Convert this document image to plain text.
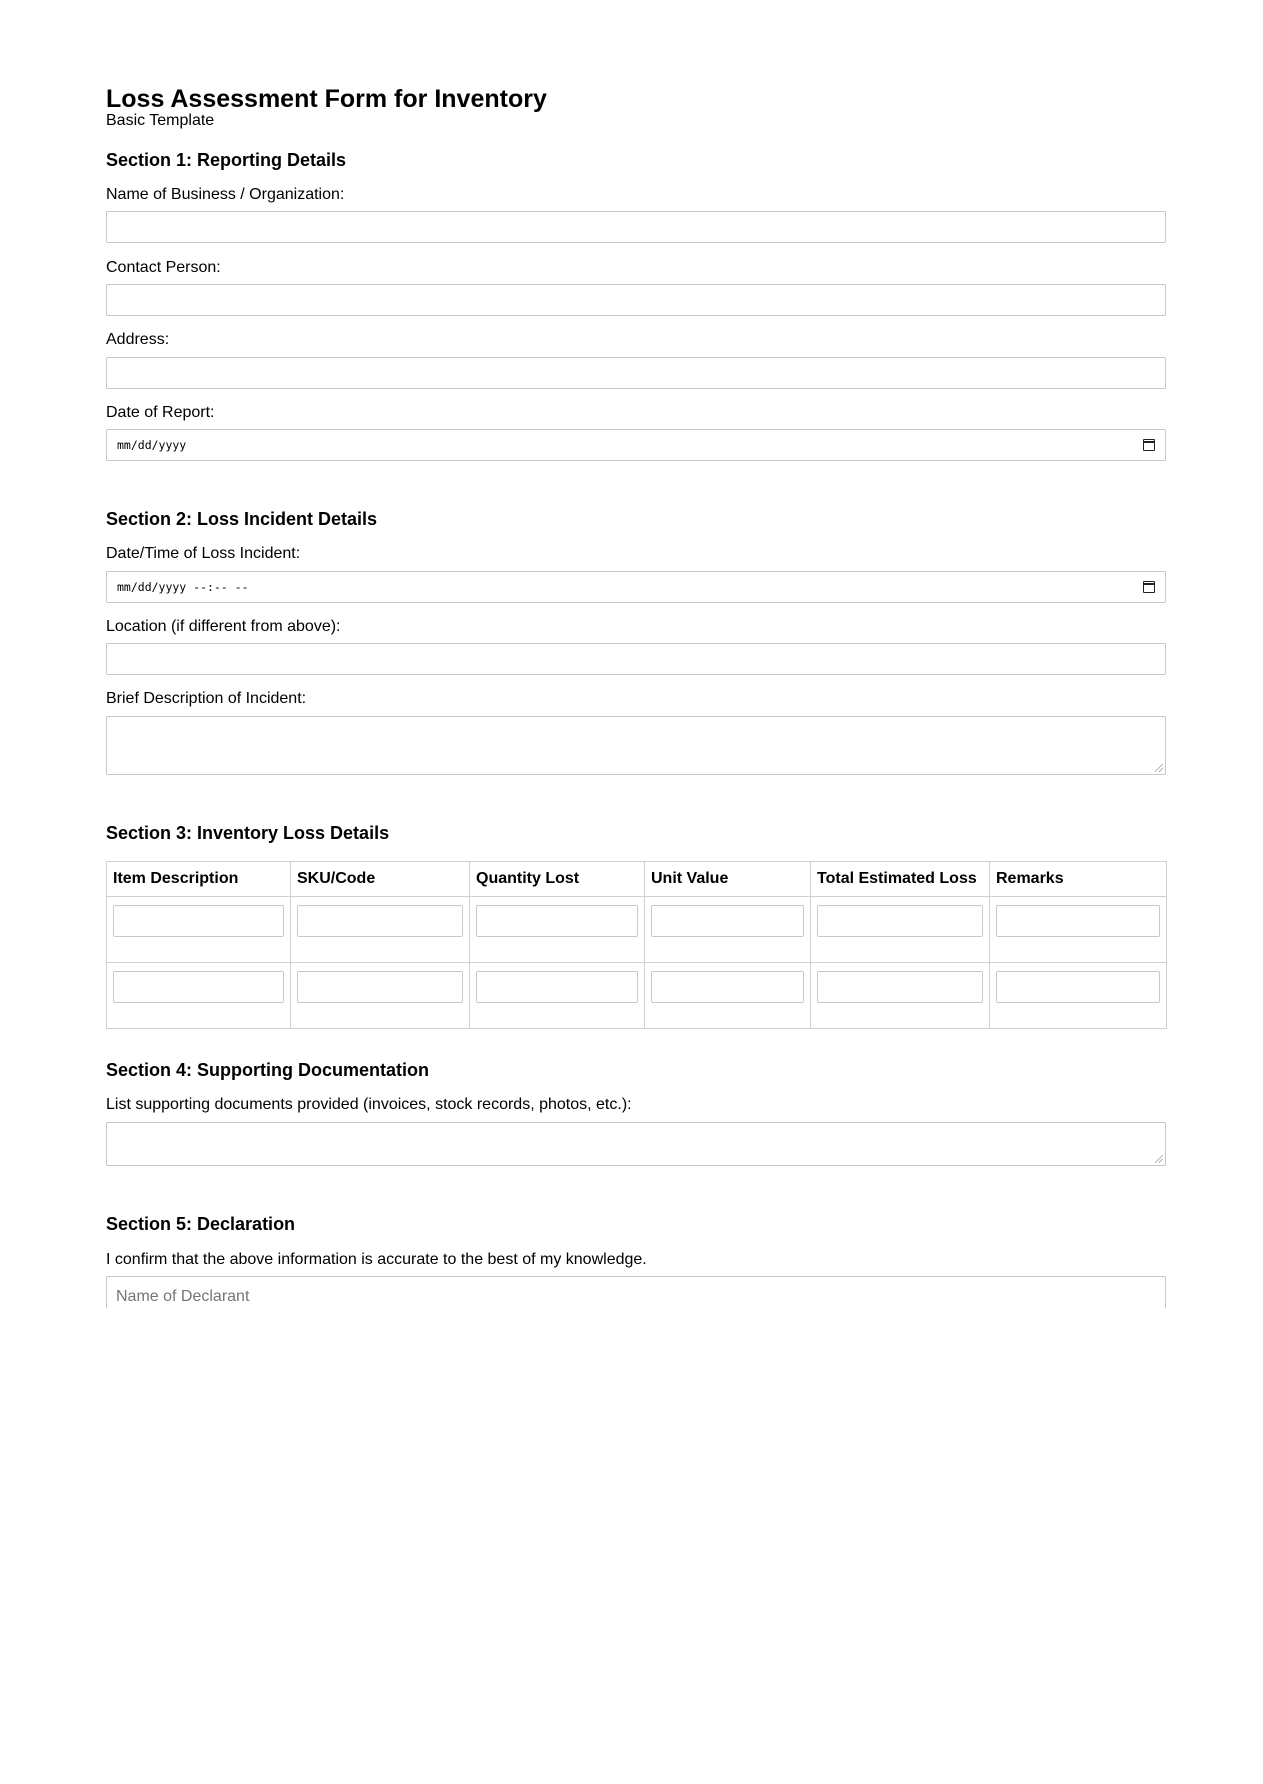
Loss Assessment Form for Inventory
Basic Template
Section 1: Reporting Details
Name of Business / Organization:
Contact Person:
Address:
Date of Report:
mm/dd/yyyy
Section 2: Loss Incident Details
Date/Time of Loss Incident:
mm/dd/yyyy --:-- --
Location (if different from above):
Brief Description of Incident:
Section 3: Inventory Loss Details
Item Description	SKU/Code	Quantity Lost	Unit Value	Total Estimated Loss	Remarks

Section 4: Supporting Documentation
List supporting documents provided (invoices, stock records, photos, etc.):
Section 5: Declaration
I confirm that the above information is accurate to the best of my knowledge.
Name of Declarant
